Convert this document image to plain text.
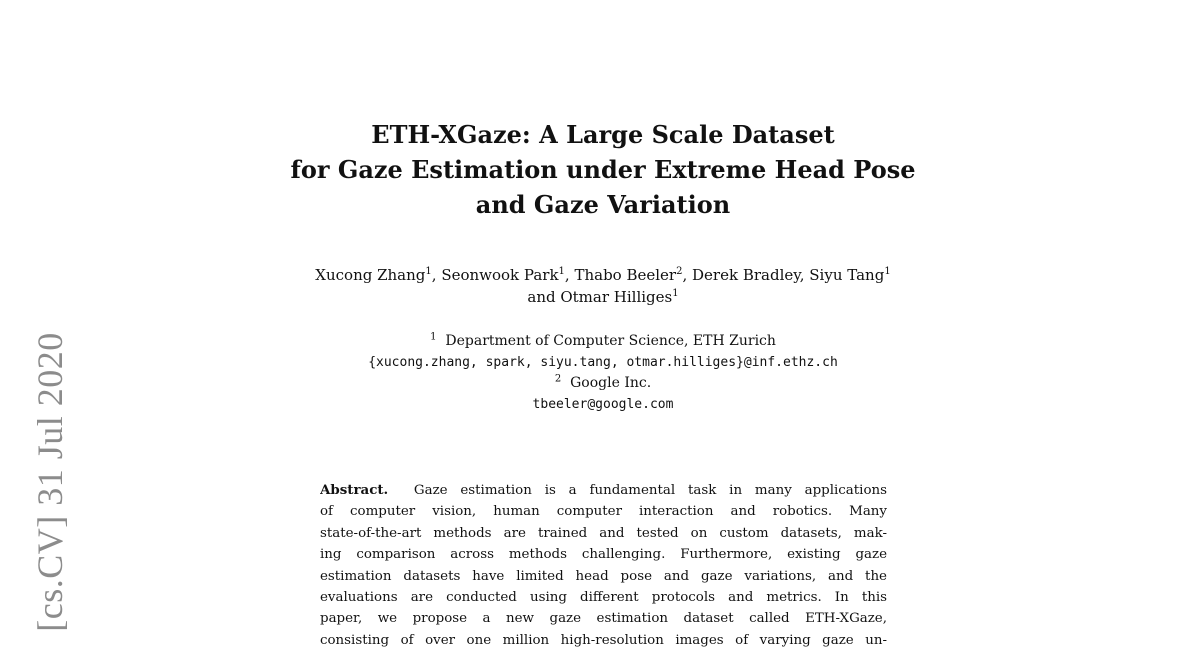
[cs.CV] 31 Jul 2020
ETH-XGaze: A Large Scale Dataset
for Gaze Estimation under Extreme Head Pose
and Gaze Variation
Xucong Zhang$^1$, Seonwook Park$^1$, Thabo Beeler$^2$, Derek Bradley, Siyu Tang$^1$
and Otmar Hilliges$^1$
$^1$ Department of Computer Science, ETH Zurich
{xucong.zhang, spark, siyu.tang, otmar.hilliges}@inf.ethz.ch
$^2$ Google Inc.
tbeeler@google.com
Abstract. Gaze estimation is a fundamental task in many applications
of computer vision, human computer interaction and robotics. Many
state-of-the-art methods are trained and tested on custom datasets, mak-
ing comparison across methods challenging. Furthermore, existing gaze
estimation datasets have limited head pose and gaze variations, and the
evaluations are conducted using different protocols and metrics. In this
paper, we propose a new gaze estimation dataset called ETH-XGaze,
consisting of over one million high-resolution images of varying gaze un-
